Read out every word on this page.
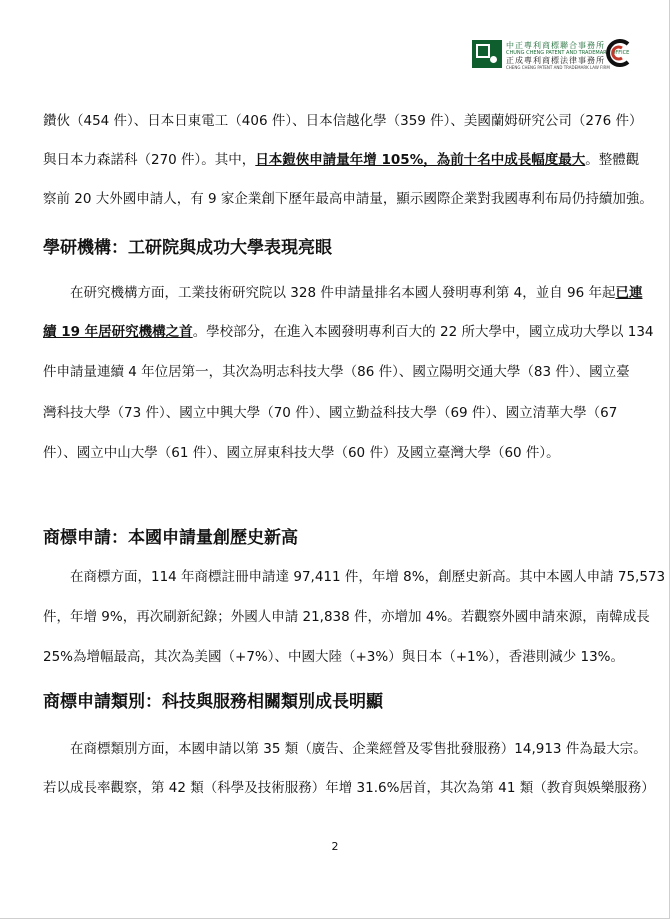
中正專利商標聯合事務所
CHUNG CHENG PATENT AND TRADEMARK OFFICE
正成專利商標法律事務所
CHENG CHENG PATENT AND TRADEMARK LAW FIRM
鑽伙（454 件）、日本日東電工（406 件）、日本信越化學（359 件）、美國蘭姆研究公司（276 件）
與日本力森諾科（270 件）。其中，日本鎧俠申請量年增 105%，為前十名中成長幅度最大。整體觀
察前 20 大外國申請人，有 9 家企業創下歷年最高申請量，顯示國際企業對我國專利布局仍持續加強。
學研機構：工研院與成功大學表現亮眼
在研究機構方面，工業技術研究院以 328 件申請量排名本國人發明專利第 4，並自 96 年起已連
續 19 年居研究機構之首。學校部分，在進入本國發明專利百大的 22 所大學中，國立成功大學以 134
件申請量連續 4 年位居第一，其次為明志科技大學（86 件）、國立陽明交通大學（83 件）、國立臺
灣科技大學（73 件）、國立中興大學（70 件）、國立勤益科技大學（69 件）、國立清華大學（67
件）、國立中山大學（61 件）、國立屏東科技大學（60 件）及國立臺灣大學（60 件）。
商標申請：本國申請量創歷史新高
在商標方面，114 年商標註冊申請達 97,411 件，年增 8%，創歷史新高。其中本國人申請 75,573
件，年增 9%，再次刷新紀錄；外國人申請 21,838 件，亦增加 4%。若觀察外國申請來源，南韓成長
25%為增幅最高，其次為美國（+7%）、中國大陸（+3%）與日本（+1%），香港則減少 13%。
商標申請類別：科技與服務相關類別成長明顯
在商標類別方面，本國申請以第 35 類（廣告、企業經營及零售批發服務）14,913 件為最大宗。
若以成長率觀察，第 42 類（科學及技術服務）年增 31.6%居首，其次為第 41 類（教育與娛樂服務）
2
